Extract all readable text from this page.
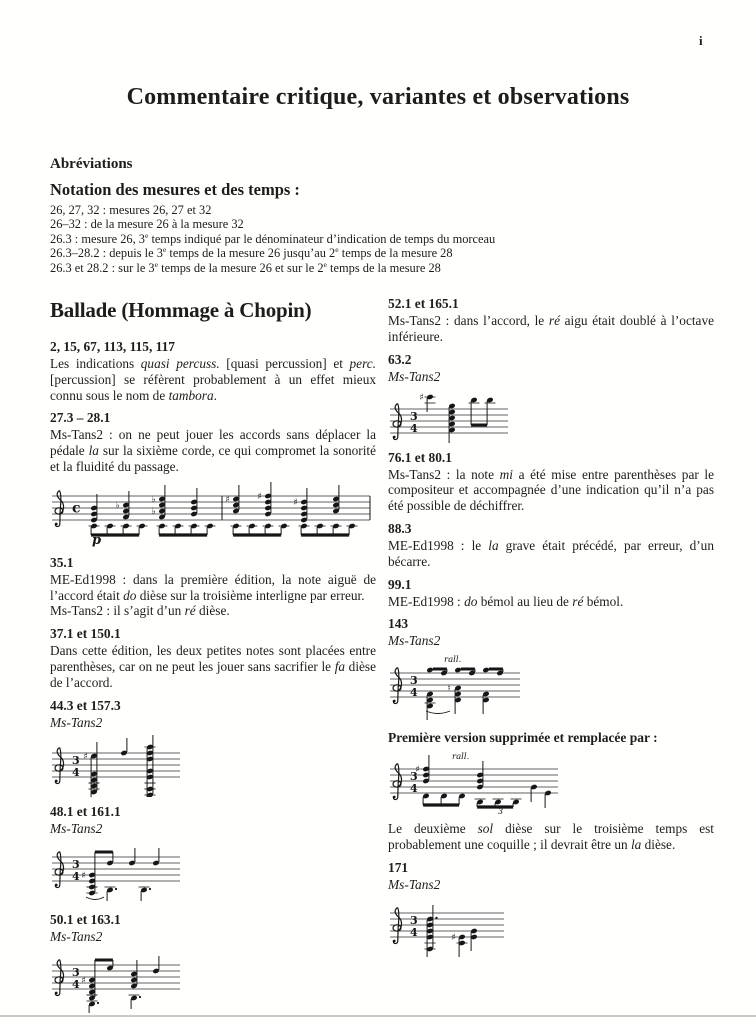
i
Commentaire critique, variantes et observations
Abréviations
Notation des mesures et des temps :
26, 27, 32 : mesures 26, 27 et 32
26–32 : de la mesure 26 à la mesure 32
26.3 : mesure 26, 3e temps indiqué par le dénominateur d’indication de temps du morceau
26.3–28.2 : depuis le 3e temps de la mesure 26 jusqu’au 2e temps de la mesure 28
26.3 et 28.2 : sur le 3e temps de la mesure 26 et sur le 2e temps de la mesure 28
Ballade (Hommage à Chopin)
2, 15, 67, 113, 115, 117
Les indications quasi percuss. [quasi percussion] et perc. [percussion] se réfèrent probablement à un effet mieux connu sous le nom de tambora.
27.3 – 28.1
Ms-Tans2 : on ne peut jouer les accords sans déplacer la pédale la sur la sixième corde, ce qui compromet la sonorité et la fluidité du passage.
c
p
♭
♭
♭
♯	♯
♯
35.1
ME-Ed1998 : dans la première édition, la note aiguë de l’accord était do dièse sur la troisième interligne par erreur.
Ms-Tans2 : il s’agit d’un ré dièse.
37.1 et 150.1
Dans cette édition, les deux petites notes sont placées entre parenthèses, car on ne peut les jouer sans sacrifier le fa dièse de l’accord.
44.3 et 157.3
Ms-Tans2
3
4
♯
48.1 et 161.1
Ms-Tans2
3
4 ♯
50.1 et 163.1
Ms-Tans2
3
4 ♯
52.1 et 165.1
Ms-Tans2 : dans l’accord, le ré aigu était doublé à l’octave inférieure.
63.2
Ms-Tans2
3
4
♯
76.1 et 80.1
Ms-Tans2 : la note mi a été mise entre parenthèses par le compositeur et accompagnée d’une indication qu’il n’a pas été possible de déchiffrer.
88.3
ME-Ed1998 : le la grave était précédé, par erreur, d’un bécarre.
99.1
ME-Ed1998 : do bémol au lieu de ré bémol.
143
Ms-Tans2
3
4
rall.
♮
Première version supprimée et remplacée par :
3
4
rall.
♯
3
Le deuxième sol dièse sur le troisième temps est probablement une coquille ; il devrait être un la dièse.
171
Ms-Tans2
3
4	♯
